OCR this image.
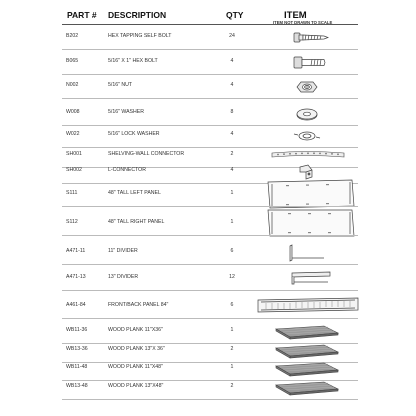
PART # DESCRIPTION	QTY	ITEM
ITEM NOT DRAWN TO SCALE
B202	HEX TAPPING SELF BOLT	24
B065	5/16" X 1" HEX BOLT	4
N002	5/16" NUT	4
W008	5/16" WASHER	8
W022	5/16" LOCK WASHER	4
SH001	SHELVING-WALL CONNECTOR	2
SH002	L-CONNECTOR	4
S111	48" TALL LEFT PANEL	1
S112	48" TALL RIGHT PANEL	1
A471-11	11" DIVIDER	6
A471-13	13" DIVIDER	12
A461-84	FRONT/BACK PANEL 84"	6
WB11-36	WOOD PLANK 11"X36"	1
WB13-36	WOOD PLANK 13"X 36"	2
WB11-48	WOOD PLANK 11"X48"	1
WB13-48	WOOD PLANK 13"X48"	2
